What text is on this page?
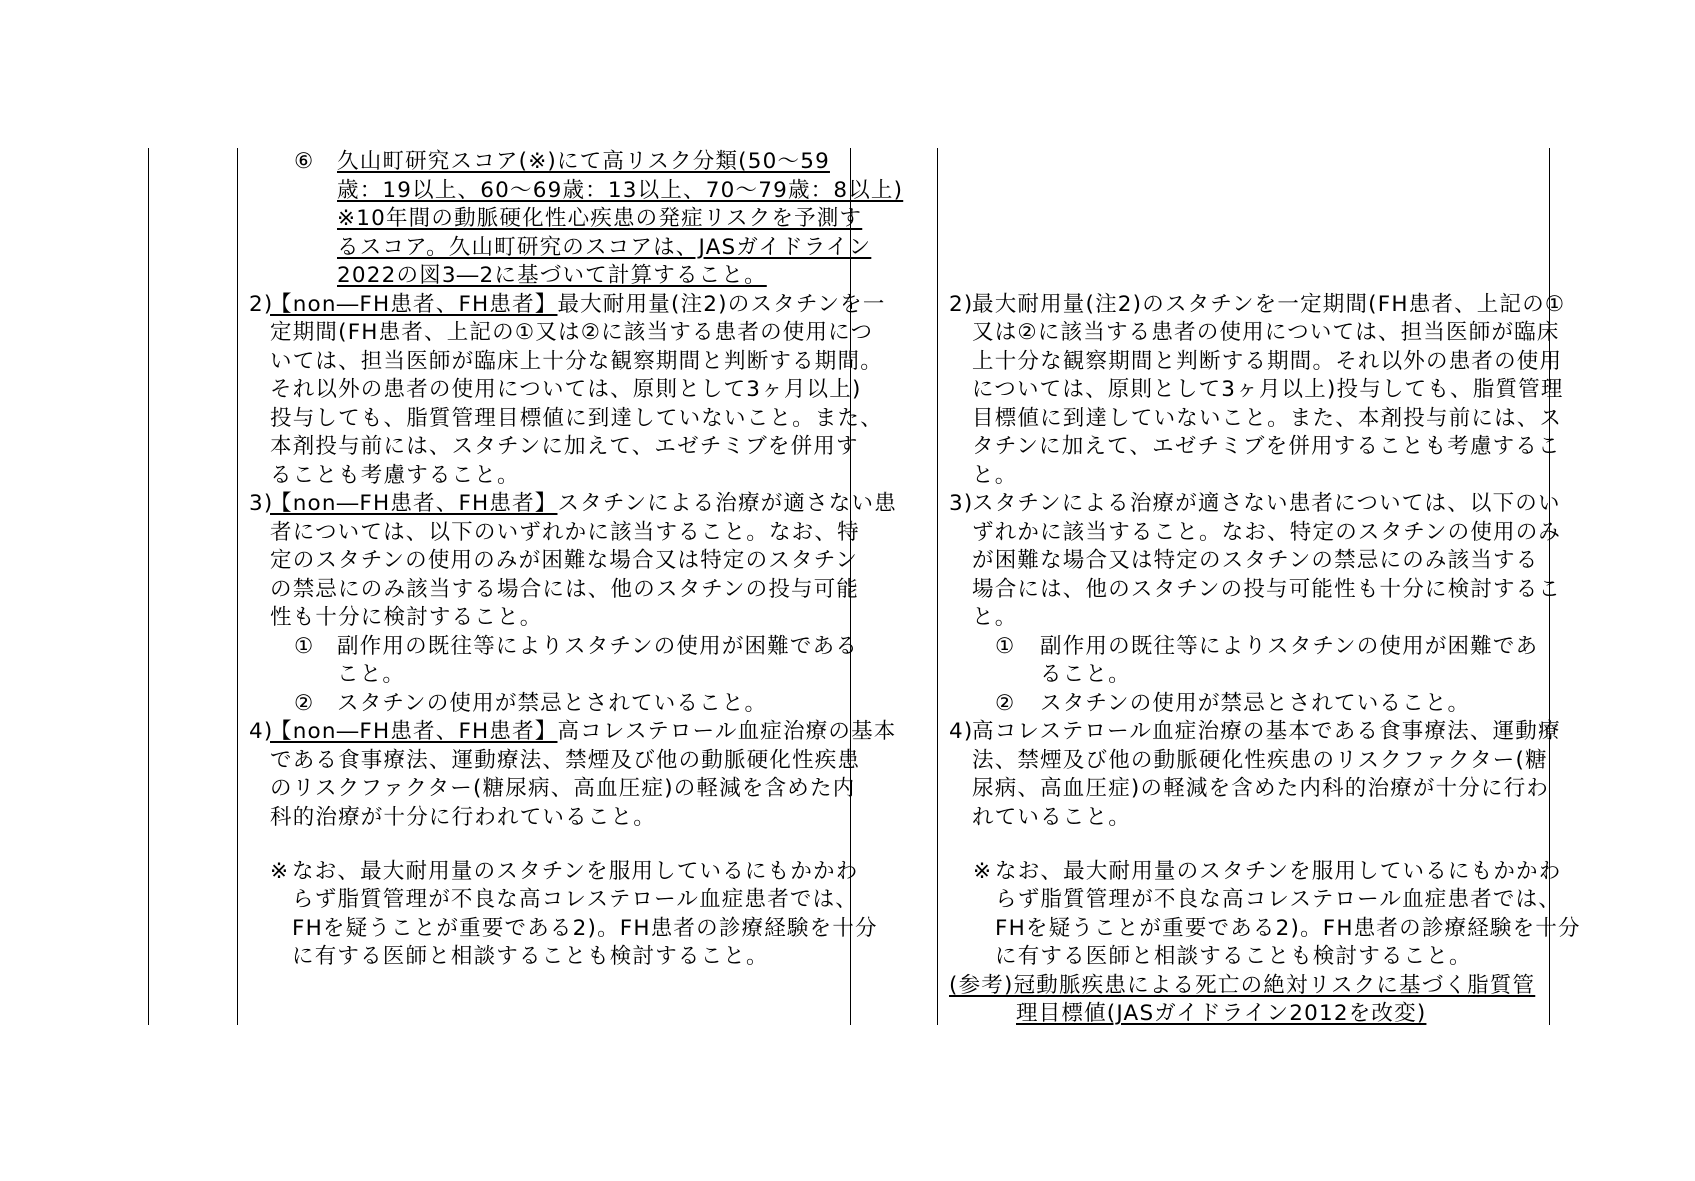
⑥ 久山町研究スコア(※)にて高リスク分類(50～59
歳：19以上、60～69歳：13以上、70～79歳：8以上)
※10年間の動脈硬化性心疾患の発症リスクを予測す
るスコア。久山町研究のスコアは、JASガイドライン
2022の図3―2に基づいて計算すること。
2)
【non―FH患者、FH患者】最大耐用量(注2)のスタチンを一
定期間(FH患者、上記の①又は②に該当する患者の使用につ
いては、担当医師が臨床上十分な観察期間と判断する期間。
それ以外の患者の使用については、原則として3ヶ月以上)
投与しても、脂質管理目標値に到達していないこと。また、
本剤投与前には、スタチンに加えて、エゼチミブを併用す
ることも考慮すること。
3)
【non―FH患者、FH患者】スタチンによる治療が適さない患
者については、以下のいずれかに該当すること。なお、特
定のスタチンの使用のみが困難な場合又は特定のスタチン
の禁忌にのみ該当する場合には、他のスタチンの投与可能
性も十分に検討すること。
① 副作用の既往等によりスタチンの使用が困難である
こと。
② スタチンの使用が禁忌とされていること。
4)
【non―FH患者、FH患者】高コレステロール血症治療の基本
である食事療法、運動療法、禁煙及び他の動脈硬化性疾患
のリスクファクター(糖尿病、高血圧症)の軽減を含めた内
科的治療が十分に行われていること。
※ なお、最大耐用量のスタチンを服用しているにもかかわ
らず脂質管理が不良な高コレステロール血症患者では、
FHを疑うことが重要である2)。FH患者の診療経験を十分
に有する医師と相談することも検討すること。
2)
最大耐用量(注2)のスタチンを一定期間(FH患者、上記の①
又は②に該当する患者の使用については、担当医師が臨床
上十分な観察期間と判断する期間。それ以外の患者の使用
については、原則として3ヶ月以上)投与しても、脂質管理
目標値に到達していないこと。また、本剤投与前には、ス
タチンに加えて、エゼチミブを併用することも考慮するこ
と。
3)
スタチンによる治療が適さない患者については、以下のい
ずれかに該当すること。なお、特定のスタチンの使用のみ
が困難な場合又は特定のスタチンの禁忌にのみ該当する
場合には、他のスタチンの投与可能性も十分に検討するこ
と。
① 副作用の既往等によりスタチンの使用が困難であ
ること。
② スタチンの使用が禁忌とされていること。
4)
高コレステロール血症治療の基本である食事療法、運動療
法、禁煙及び他の動脈硬化性疾患のリスクファクター(糖
尿病、高血圧症)の軽減を含めた内科的治療が十分に行わ
れていること。
※ なお、最大耐用量のスタチンを服用しているにもかかわ
らず脂質管理が不良な高コレステロール血症患者では、
FHを疑うことが重要である2)。FH患者の診療経験を十分
に有する医師と相談することも検討すること。
(参考)冠動脈疾患による死亡の絶対リスクに基づく脂質管
理目標値(JASガイドライン2012を改変)
